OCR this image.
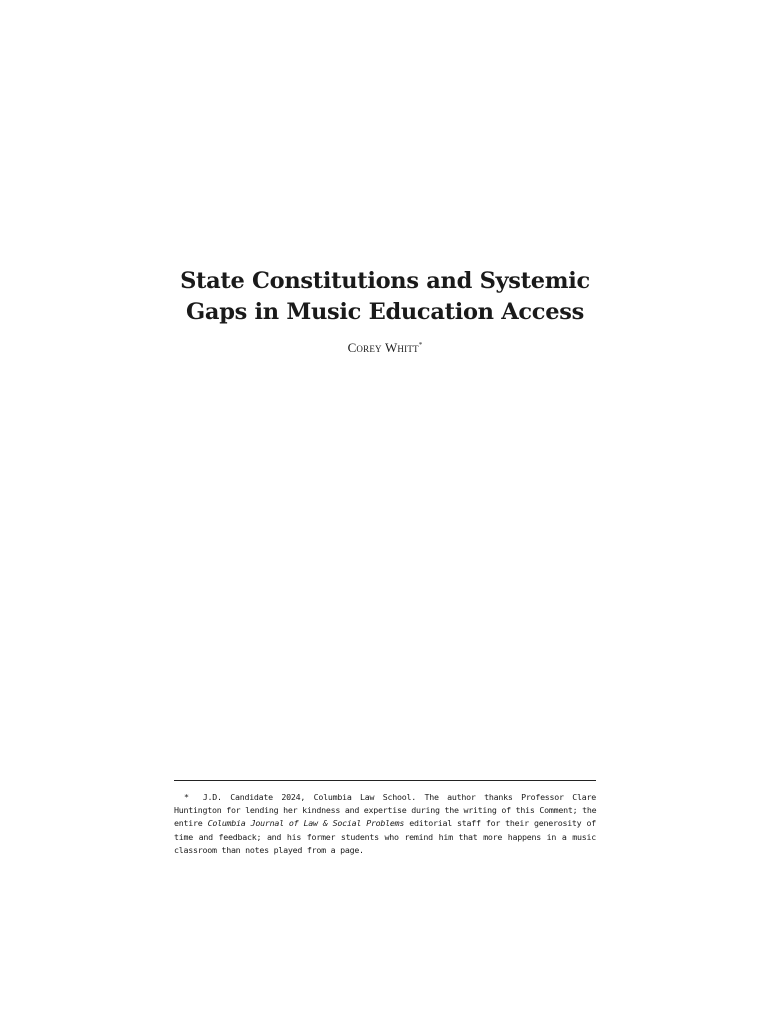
State Constitutions and Systemic
Gaps in Music Education Access
Corey Whitt*
* J.D. Candidate 2024, Columbia Law School. The author thanks Professor Clare
Huntington for lending her kindness and expertise during the writing of this Comment; the
entire Columbia Journal of Law & Social Problems editorial staff for their generosity of
time and feedback; and his former students who remind him that more happens in a music
classroom than notes played from a page.
